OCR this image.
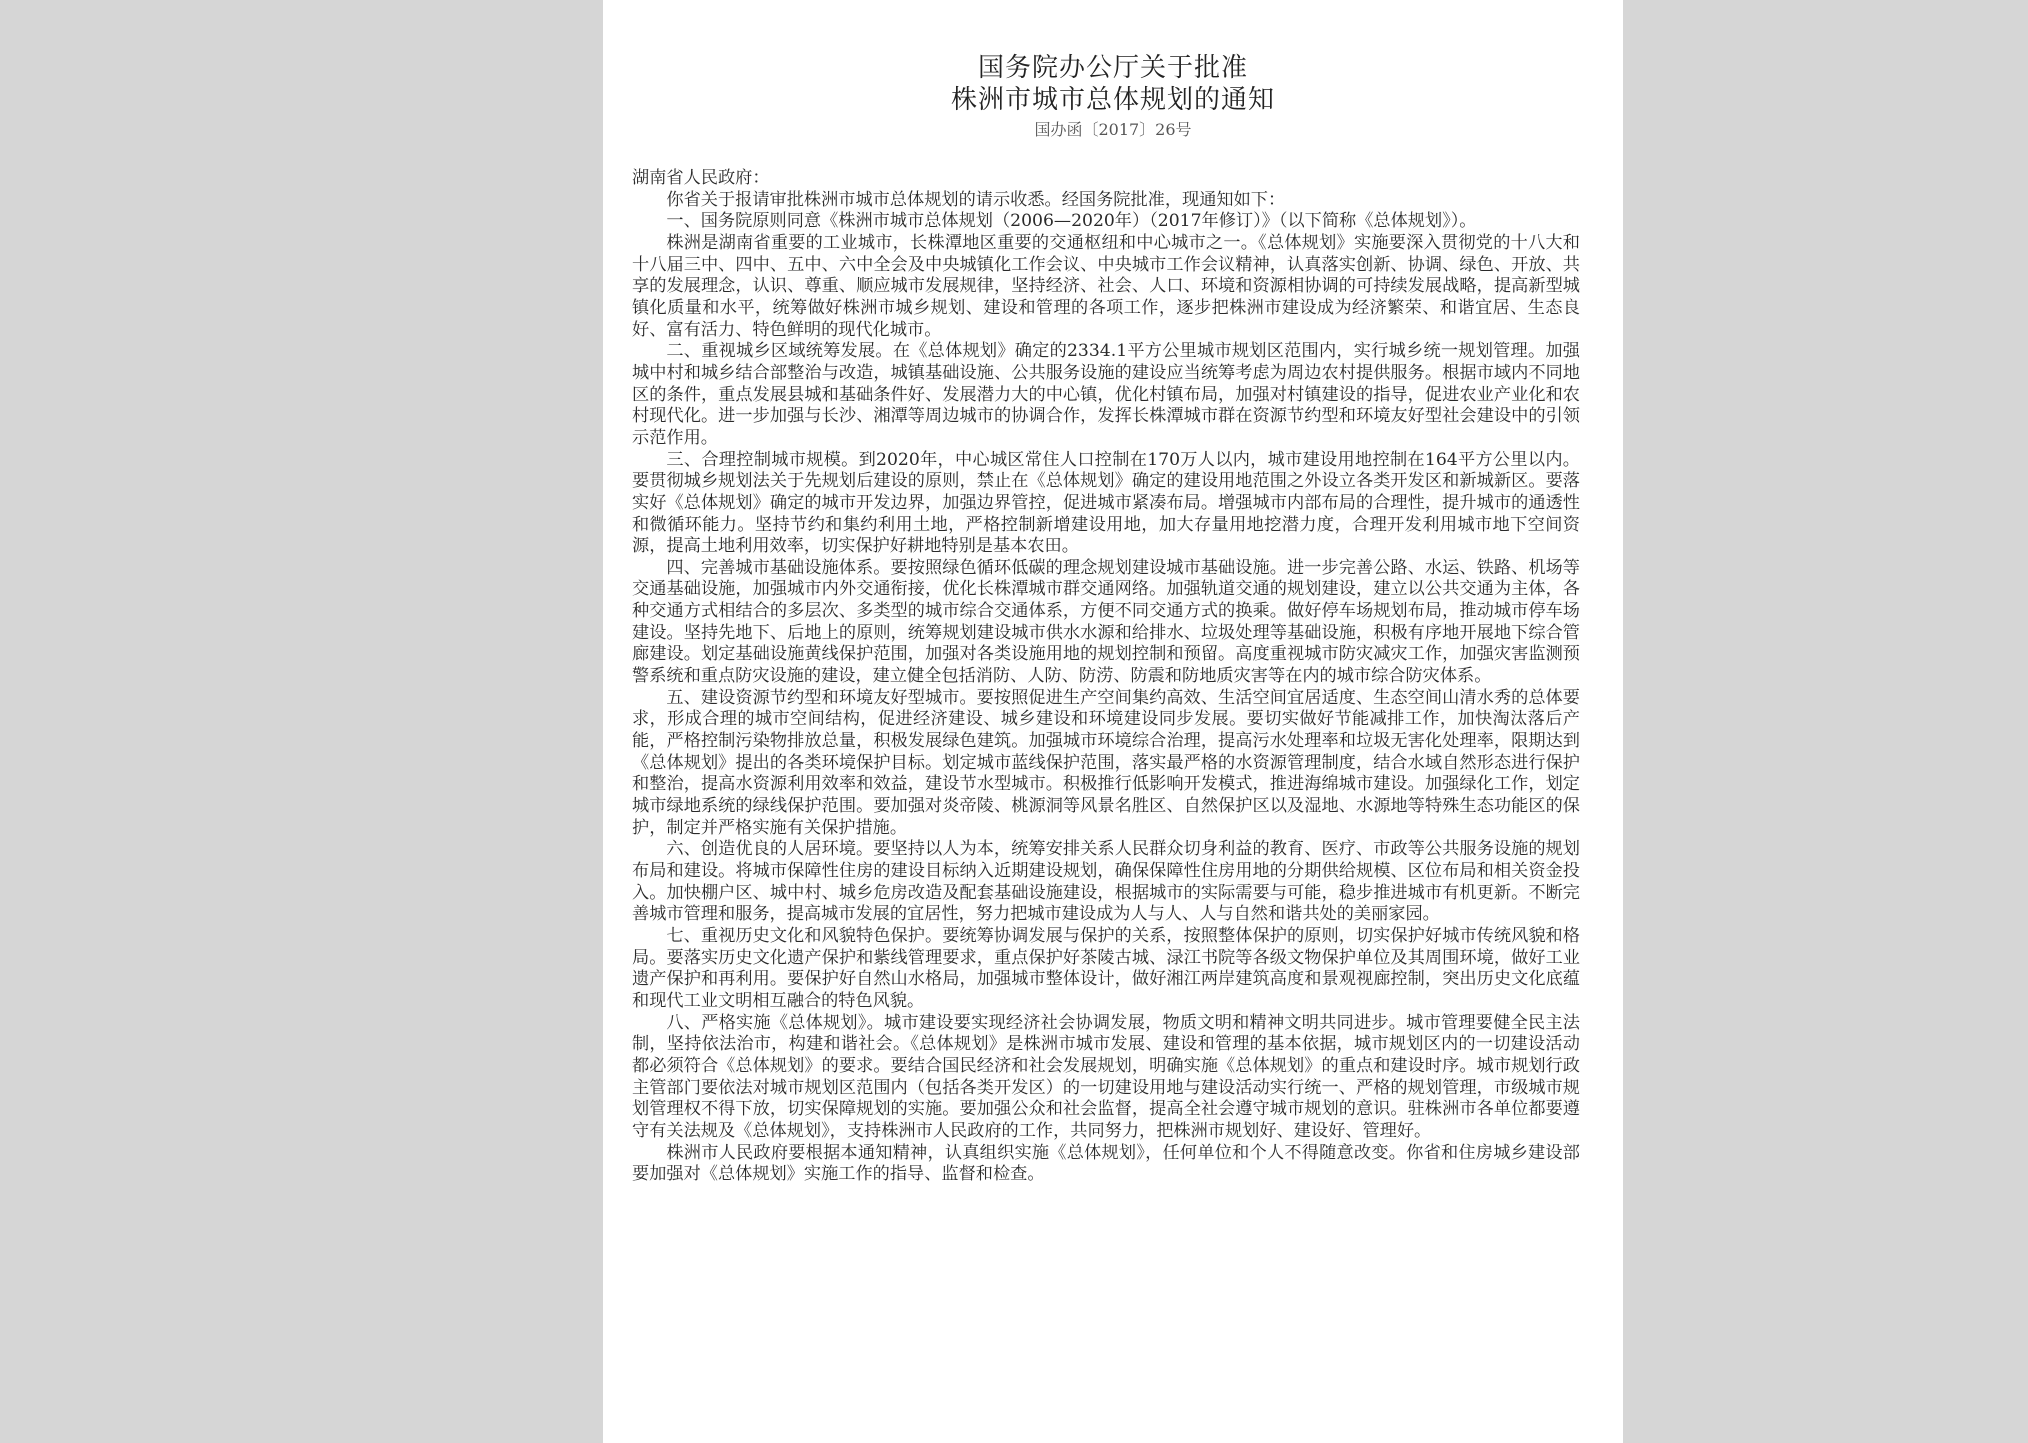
国务院办公厅关于批准
株洲市城市总体规划的通知
国办函〔2017〕26号

湖南省人民政府：

你省关于报请审批株洲市城市总体规划的请示收悉。经国务院批准，现通知如下：

一、国务院原则同意《株洲市城市总体规划（2006—2020年）（2017年修订）》（以下简称《总体规划》）。

株洲是湖南省重要的工业城市，长株潭地区重要的交通枢纽和中心城市之一。《总体规划》实施要深入贯彻党的十八大和十八届三中、四中、五中、六中全会及中央城镇化工作会议、中央城市工作会议精神，认真落实创新、协调、绿色、开放、共享的发展理念，认识、尊重、顺应城市发展规律，坚持经济、社会、人口、环境和资源相协调的可持续发展战略，提高新型城镇化质量和水平，统筹做好株洲市城乡规划、建设和管理的各项工作，逐步把株洲市建设成为经济繁荣、和谐宜居、生态良好、富有活力、特色鲜明的现代化城市。

二、重视城乡区域统筹发展。在《总体规划》确定的2334.1平方公里城市规划区范围内，实行城乡统一规划管理。加强城中村和城乡结合部整治与改造，城镇基础设施、公共服务设施的建设应当统筹考虑为周边农村提供服务。根据市域内不同地区的条件，重点发展县城和基础条件好、发展潜力大的中心镇，优化村镇布局，加强对村镇建设的指导，促进农业产业化和农村现代化。进一步加强与长沙、湘潭等周边城市的协调合作，发挥长株潭城市群在资源节约型和环境友好型社会建设中的引领示范作用。

三、合理控制城市规模。到2020年，中心城区常住人口控制在170万人以内，城市建设用地控制在164平方公里以内。要贯彻城乡规划法关于先规划后建设的原则，禁止在《总体规划》确定的建设用地范围之外设立各类开发区和新城新区。要落实好《总体规划》确定的城市开发边界，加强边界管控，促进城市紧凑布局。增强城市内部布局的合理性，提升城市的通透性和微循环能力。坚持节约和集约利用土地，严格控制新增建设用地，加大存量用地挖潜力度，合理开发利用城市地下空间资源，提高土地利用效率，切实保护好耕地特别是基本农田。

四、完善城市基础设施体系。要按照绿色循环低碳的理念规划建设城市基础设施。进一步完善公路、水运、铁路、机场等交通基础设施，加强城市内外交通衔接，优化长株潭城市群交通网络。加强轨道交通的规划建设，建立以公共交通为主体，各种交通方式相结合的多层次、多类型的城市综合交通体系，方便不同交通方式的换乘。做好停车场规划布局，推动城市停车场建设。坚持先地下、后地上的原则，统筹规划建设城市供水水源和给排水、垃圾处理等基础设施，积极有序地开展地下综合管廊建设。划定基础设施黄线保护范围，加强对各类设施用地的规划控制和预留。高度重视城市防灾减灾工作，加强灾害监测预警系统和重点防灾设施的建设，建立健全包括消防、人防、防涝、防震和防地质灾害等在内的城市综合防灾体系。

五、建设资源节约型和环境友好型城市。要按照促进生产空间集约高效、生活空间宜居适度、生态空间山清水秀的总体要求，形成合理的城市空间结构，促进经济建设、城乡建设和环境建设同步发展。要切实做好节能减排工作，加快淘汰落后产能，严格控制污染物排放总量，积极发展绿色建筑。加强城市环境综合治理，提高污水处理率和垃圾无害化处理率，限期达到《总体规划》提出的各类环境保护目标。划定城市蓝线保护范围，落实最严格的水资源管理制度，结合水域自然形态进行保护和整治，提高水资源利用效率和效益，建设节水型城市。积极推行低影响开发模式，推进海绵城市建设。加强绿化工作，划定城市绿地系统的绿线保护范围。要加强对炎帝陵、桃源洞等风景名胜区、自然保护区以及湿地、水源地等特殊生态功能区的保护，制定并严格实施有关保护措施。

六、创造优良的人居环境。要坚持以人为本，统筹安排关系人民群众切身利益的教育、医疗、市政等公共服务设施的规划布局和建设。将城市保障性住房的建设目标纳入近期建设规划，确保保障性住房用地的分期供给规模、区位布局和相关资金投入。加快棚户区、城中村、城乡危房改造及配套基础设施建设，根据城市的实际需要与可能，稳步推进城市有机更新。不断完善城市管理和服务，提高城市发展的宜居性，努力把城市建设成为人与人、人与自然和谐共处的美丽家园。

七、重视历史文化和风貌特色保护。要统筹协调发展与保护的关系，按照整体保护的原则，切实保护好城市传统风貌和格局。要落实历史文化遗产保护和紫线管理要求，重点保护好茶陵古城、渌江书院等各级文物保护单位及其周围环境，做好工业遗产保护和再利用。要保护好自然山水格局，加强城市整体设计，做好湘江两岸建筑高度和景观视廊控制，突出历史文化底蕴和现代工业文明相互融合的特色风貌。

八、严格实施《总体规划》。城市建设要实现经济社会协调发展，物质文明和精神文明共同进步。城市管理要健全民主法制，坚持依法治市，构建和谐社会。《总体规划》是株洲市城市发展、建设和管理的基本依据，城市规划区内的一切建设活动都必须符合《总体规划》的要求。要结合国民经济和社会发展规划，明确实施《总体规划》的重点和建设时序。城市规划行政主管部门要依法对城市规划区范围内（包括各类开发区）的一切建设用地与建设活动实行统一、严格的规划管理，市级城市规划管理权不得下放，切实保障规划的实施。要加强公众和社会监督，提高全社会遵守城市规划的意识。驻株洲市各单位都要遵守有关法规及《总体规划》，支持株洲市人民政府的工作，共同努力，把株洲市规划好、建设好、管理好。

株洲市人民政府要根据本通知精神，认真组织实施《总体规划》，任何单位和个人不得随意改变。你省和住房城乡建设部要加强对《总体规划》实施工作的指导、监督和检查。
